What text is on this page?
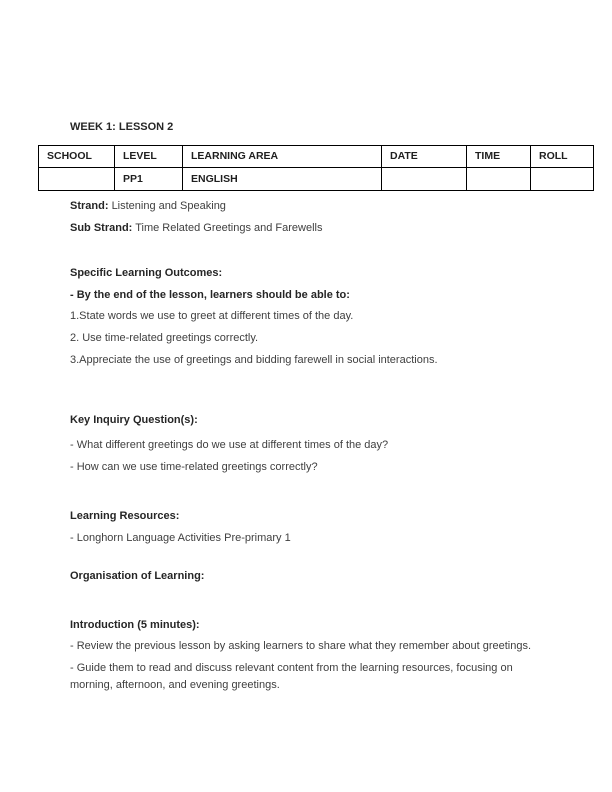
WEEK 1: LESSON 2
SCHOOL	LEVEL	LEARNING AREA	DATE	TIME	ROLL
	PP1	ENGLISH			
Strand: Listening and Speaking
Sub Strand: Time Related Greetings and Farewells
Specific Learning Outcomes:
- By the end of the lesson, learners should be able to:
1.State words we use to greet at different times of the day.
2. Use time-related greetings correctly.
3.Appreciate the use of greetings and bidding farewell in social interactions.
Key Inquiry Question(s):
- What different greetings do we use at different times of the day?
- How can we use time-related greetings correctly?
Learning Resources:
- Longhorn Language Activities Pre-primary 1
Organisation of Learning:
Introduction (5 minutes):
- Review the previous lesson by asking learners to share what they remember about greetings.
- Guide them to read and discuss relevant content from the learning resources, focusing on
morning, afternoon, and evening greetings.
